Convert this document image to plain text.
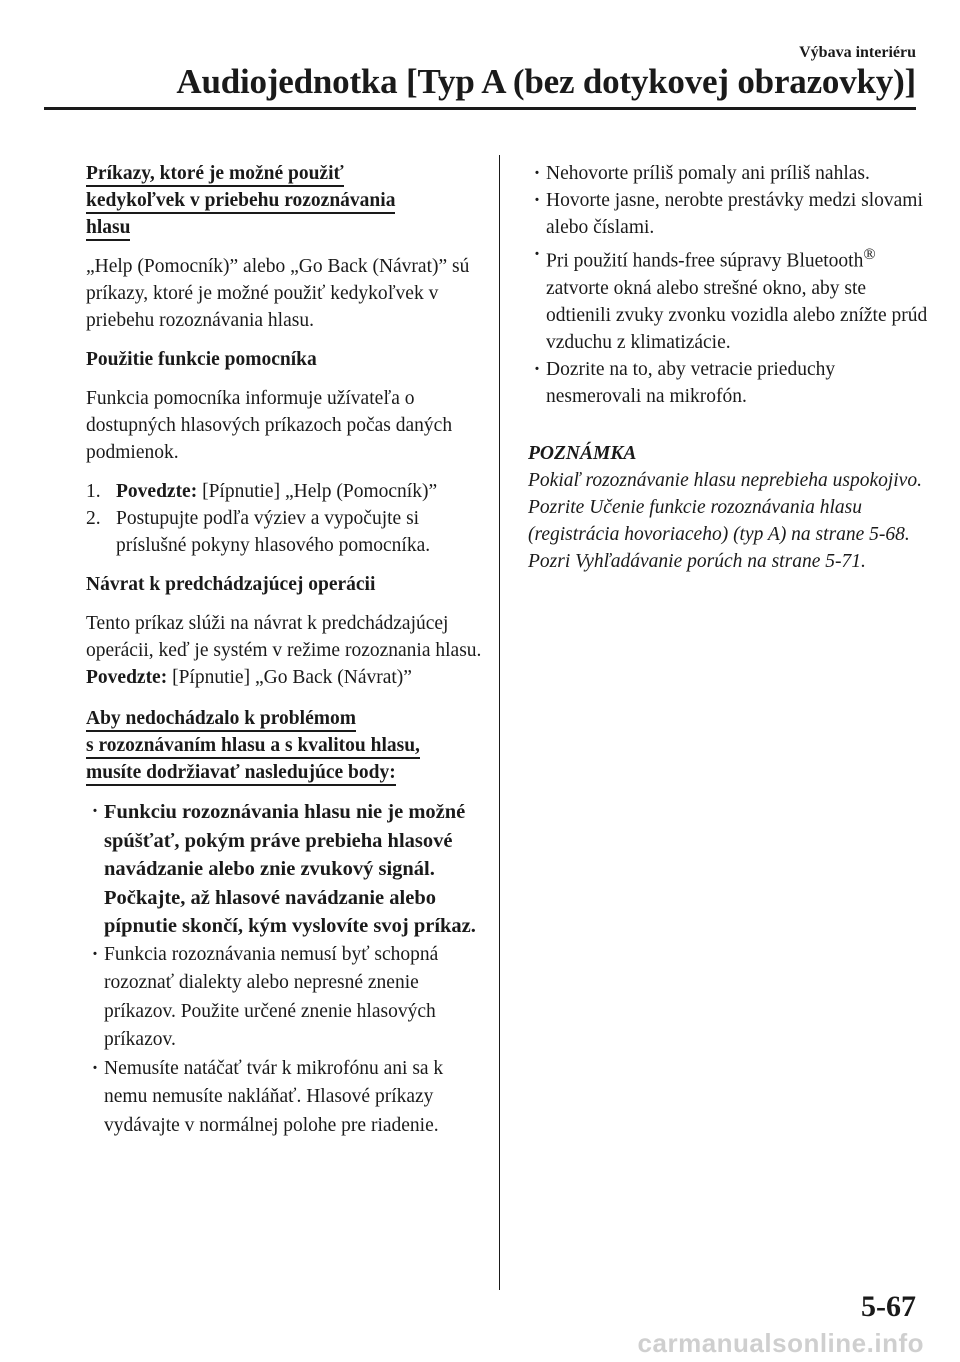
Výbava interiéru
Audiojednotka [Typ A (bez dotykovej obrazovky)]
Príkazy, ktoré je možné použiť
kedykoľvek v priebehu rozoznávania
hlasu

„Help (Pomocník)” alebo „Go Back (Návrat)” sú príkazy, ktoré je možné použiť kedykoľvek v priebehu rozoznávania hlasu.

Použitie funkcie pomocníka

Funkcia pomocníka informuje užívateľa o dostupných hlasových príkazoch počas daných podmienok.

1. Povedzte: [Pípnutie] „Help (Pomocník)”
2. Postupujte podľa výziev a vypočujte si príslušné pokyny hlasového pomocníka.

Návrat k predchádzajúcej operácii

Tento príkaz slúži na návrat k predchádzajúcej operácii, keď je systém v režime rozoznania hlasu.

Povedzte: [Pípnutie] „Go Back (Návrat)”

Aby nedochádzalo k problémom
s rozoznávaním hlasu a s kvalitou hlasu,
musíte dodržiavať nasledujúce body:
·
Funkciu rozoznávania hlasu nie je možné spúšťať, pokým práve prebieha hlasové navádzanie alebo znie zvukový signál. Počkajte, až hlasové navádzanie alebo pípnutie skončí, kým vyslovíte svoj príkaz.
·
Funkcia rozoznávania nemusí byť schopná rozoznať dialekty alebo nepresné znenie príkazov. Použite určené znenie hlasových príkazov.
·
Nemusíte natáčať tvár k mikrofónu ani sa k nemu nemusíte nakláňať. Hlasové príkazy vydávajte v normálnej polohe pre riadenie.
·
Nehovorte príliš pomaly ani príliš nahlas.
·
Hovorte jasne, nerobte prestávky medzi slovami alebo číslami.
·
Pri použití hands-free súpravy Bluetooth® zatvorte okná alebo strešné okno, aby ste odtienili zvuky zvonku vozidla alebo znížte prúd vzduchu z klimatizácie.
·
Dozrite na to, aby vetracie prieduchy nesmerovali na mikrofón.
POZNÁMKA
Pokiaľ rozoznávanie hlasu neprebieha uspokojivo.
Pozrite Učenie funkcie rozoznávania hlasu (registrácia hovoriaceho) (typ A) na strane 5-68.
Pozri Vyhľadávanie porúch na strane 5-71.
5-67
carmanualsonline.info
